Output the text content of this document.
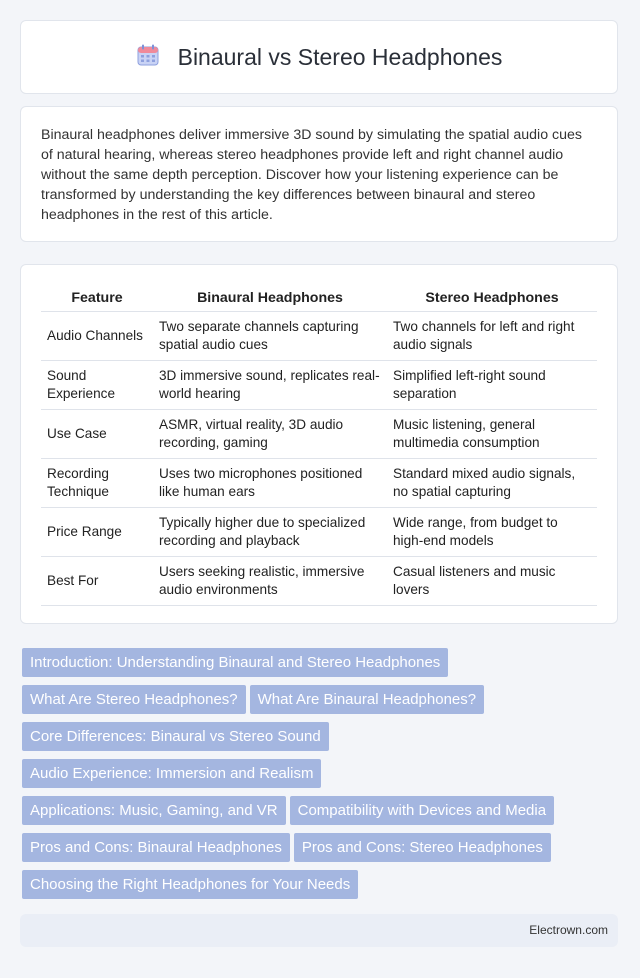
Binaural vs Stereo Headphones

Binaural headphones deliver immersive 3D sound by simulating the spatial audio cues of natural hearing, whereas stereo headphones provide left and right channel audio without the same depth perception. Discover how your listening experience can be transformed by understanding the key differences between binaural and stereo headphones in the rest of this article.

Feature	Binaural Headphones	Stereo Headphones
Audio Channels	Two separate channels capturing spatial audio cues	Two channels for left and right audio signals
Sound Experience	3D immersive sound, replicates real-world hearing	Simplified left-right sound separation
Use Case	ASMR, virtual reality, 3D audio recording, gaming	Music listening, general multimedia consumption
Recording Technique	Uses two microphones positioned like human ears	Standard mixed audio signals, no spatial capturing
Price Range	Typically higher due to specialized recording and playback	Wide range, from budget to high-end models
Best For	Users seeking realistic, immersive audio environments	Casual listeners and music lovers
Introduction: Understanding Binaural and Stereo Headphones
What Are Stereo Headphones? What Are Binaural Headphones?
Core Differences: Binaural vs Stereo Sound
Audio Experience: Immersion and Realism
Applications: Music, Gaming, and VR Compatibility with Devices and Media
Pros and Cons: Binaural Headphones Pros and Cons: Stereo Headphones
Choosing the Right Headphones for Your Needs
Electrown.com
